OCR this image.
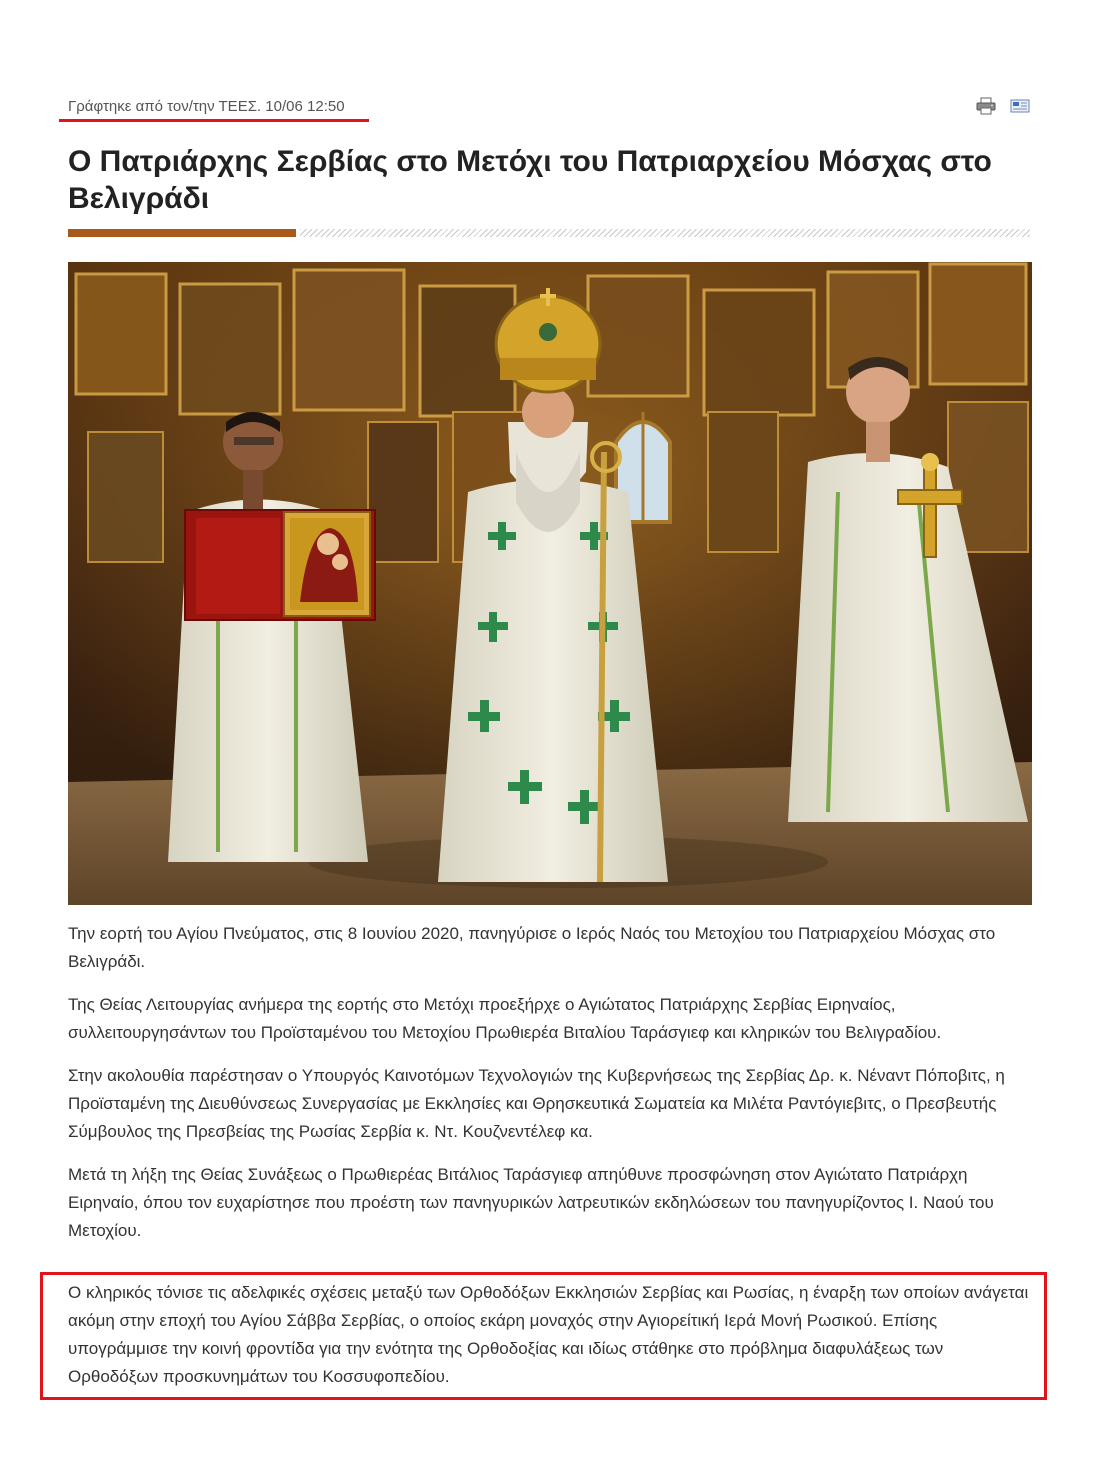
Γράφτηκε από τον/την ΤΕΕΣ. 10/06 12:50
Ο Πατριάρχης Σερβίας στο Μετόχι του Πατριαρχείου Μόσχας στο Βελιγράδι

Την εορτή του Αγίου Πνεύματος, στις 8 Ιουνίου 2020, πανηγύρισε ο Ιερός Ναός του Μετοχίου του Πατριαρχείου Μόσχας στο Βελιγράδι.

Της Θείας Λειτουργίας ανήμερα της εορτής στο Μετόχι προεξήρχε ο Αγιώτατος Πατριάρχης Σερβίας Ειρηναίος, συλλειτουργησάντων του Προϊσταμένου του Μετοχίου Πρωθιερέα Βιταλίου Ταράσγιεφ και κληρικών του Βελιγραδίου.

Στην ακολουθία παρέστησαν ο Υπουργός Καινοτόμων Τεχνολογιών της Κυβερνήσεως της Σερβίας Δρ. κ. Νέναντ Πόποβιτς, η Προϊσταμένη της Διευθύνσεως Συνεργασίας με Εκκλησίες και Θρησκευτικά Σωματεία κα Μιλέτα Ραντόγιεβιτς, ο Πρεσβευτής Σύμβουλος της Πρεσβείας της Ρωσίας Σερβία κ. Ντ. Κουζνεντέλεφ κα.

Μετά τη λήξη της Θείας Συνάξεως ο Πρωθιερέας Βιτάλιος Ταράσγιεφ απηύθυνε προσφώνηση στον Αγιώτατο Πατριάρχη Ειρηναίο, όπου τον ευχαρίστησε που προέστη των πανηγυρικών λατρευτικών εκδηλώσεων του πανηγυρίζοντος Ι. Ναού του Μετοχίου.

Ο κληρικός τόνισε τις αδελφικές σχέσεις μεταξύ των Ορθοδόξων Εκκλησιών Σερβίας και Ρωσίας, η έναρξη των οποίων ανάγεται ακόμη στην εποχή του Αγίου Σάββα Σερβίας, ο οποίος εκάρη μοναχός στην Αγιορείτική Ιερά Μονή Ρωσικού. Επίσης υπογράμμισε την κοινή φροντίδα για την ενότητα της Ορθοδοξίας και ιδίως στάθηκε στο πρόβλημα διαφυλάξεως των Ορθοδόξων προσκυνημάτων του Κοσσυφοπεδίου.
